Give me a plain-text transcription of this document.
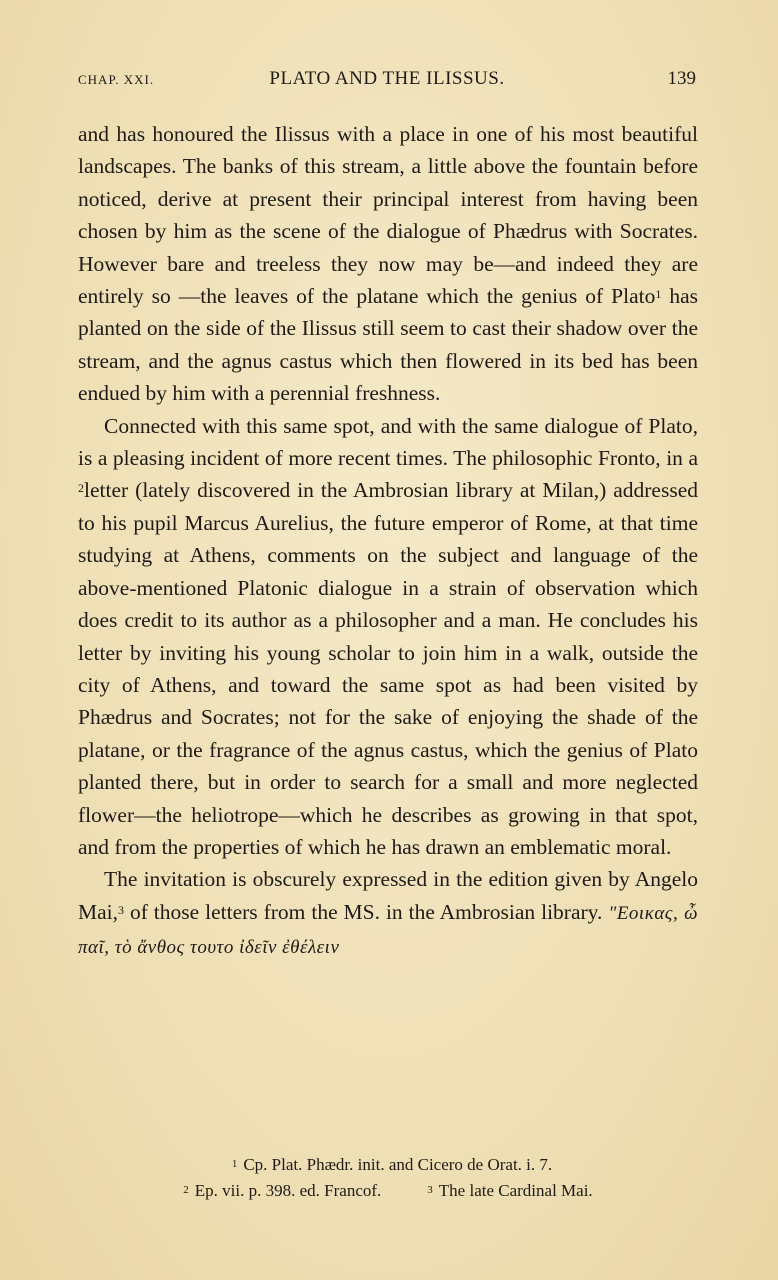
CHAP. XXI.	PLATO AND THE ILISSUS.	139

and has honoured the Ilissus with a place in one of his most beautiful landscapes. The banks of this stream, a little above the fountain before noticed, derive at present their principal interest from having been chosen by him as the scene of the dialogue of Phædrus with Socrates. However bare and treeless they now may be—and indeed they are entirely so —the leaves of the platane which the genius of Plato$^1$ has planted on the side of the Ilissus still seem to cast their shadow over the stream, and the agnus castus which then flowered in its bed has been endued by him with a perennial freshness.

Connected with this same spot, and with the same dialogue of Plato, is a pleasing incident of more recent times. The philosophic Fronto, in a $^2$letter (lately discovered in the Ambrosian library at Milan,) addressed to his pupil Marcus Aurelius, the future emperor of Rome, at that time studying at Athens, comments on the subject and language of the above-mentioned Platonic dialogue in a strain of observation which does credit to its author as a philosopher and a man. He concludes his letter by inviting his young scholar to join him in a walk, outside the city of Athens, and toward the same spot as had been visited by Phædrus and Socrates; not for the sake of enjoying the shade of the platane, or the fragrance of the agnus castus, which the genius of Plato planted there, but in order to search for a small and more neglected flower—the heliotrope—which he describes as growing in that spot, and from the properties of which he has drawn an emblematic moral.

The invitation is obscurely expressed in the edition given by Angelo Mai,$^3$ of those letters from the MS. in the Ambrosian library. "Εοικας, ὦ παῖ, τὸ ἄνθος τουτο ἰδεῖν ἐθέλειν

$^1$ Cp. Plat. Phædr. init. and Cicero de Orat. i. 7.
$^2$ Ep. vii. p. 398. ed. Francof.	$^3$ The late Cardinal Mai.
